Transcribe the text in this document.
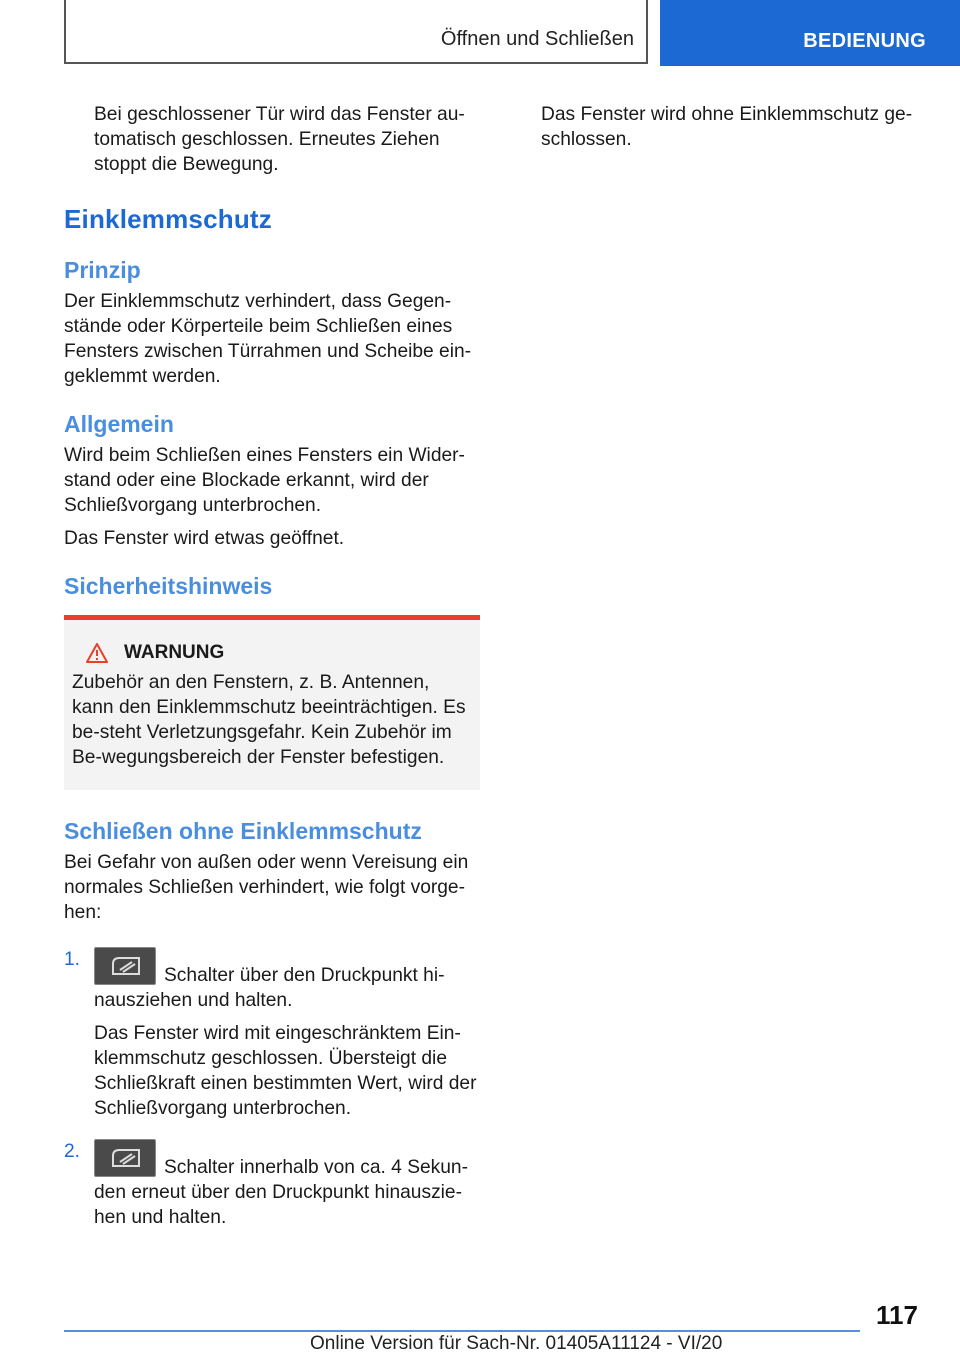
Öffnen und Schließen	BEDIENUNG

Bei geschlossener Tür wird das Fenster au-tomatisch geschlossen. Erneutes Ziehen stoppt die Bewegung.

Einklemmschutz
Prinzip

Der Einklemmschutz verhindert, dass Gegen-stände oder Körperteile beim Schließen eines Fensters zwischen Türrahmen und Scheibe ein-geklemmt werden.

Allgemein

Wird beim Schließen eines Fensters ein Wider-stand oder eine Blockade erkannt, wird der Schließvorgang unterbrochen.

Das Fenster wird etwas geöffnet.

Sicherheitshinweis
WARNUNG

Zubehör an den Fenstern, z. B. Antennen, kann den Einklemmschutz beeinträchtigen. Es be-steht Verletzungsgefahr. Kein Zubehör im Be-wegungsbereich der Fenster befestigen.

Schließen ohne Einklemmschutz

Bei Gefahr von außen oder wenn Vereisung ein normales Schließen verhindert, wie folgt vorge-hen:

1.

Schalter über den Druckpunkt hi-nausziehen und halten.

Das Fenster wird mit eingeschränktem Ein-klemmschutz geschlossen. Übersteigt die Schließkraft einen bestimmten Wert, wird der Schließvorgang unterbrochen.

2.

Schalter innerhalb von ca. 4 Sekun-den erneut über den Druckpunkt hinauszie-hen und halten.

Das Fenster wird ohne Einklemmschutz ge-schlossen.

117
Online Version für Sach-Nr. 01405A11124 - VI/20
